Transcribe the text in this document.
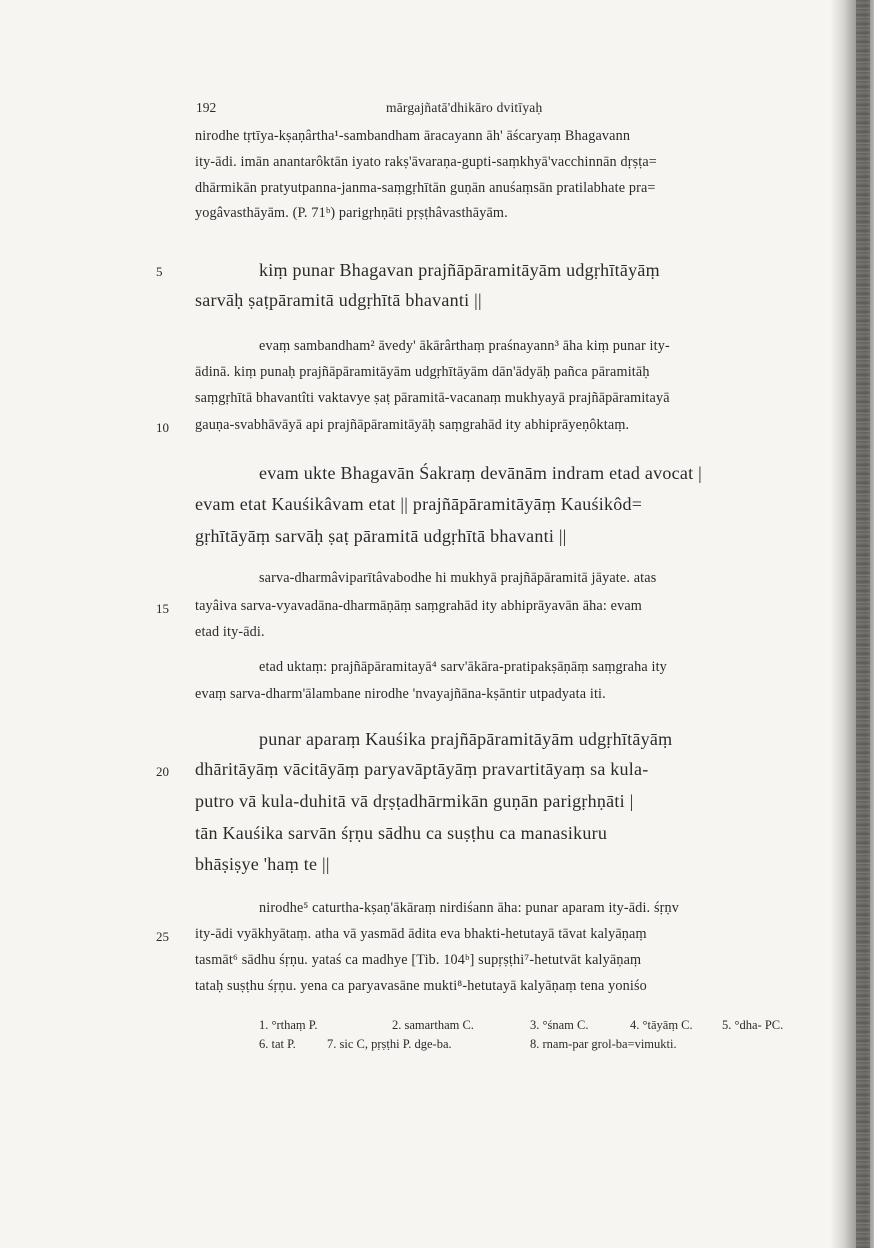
192	mārgajñatā'dhikāro dvitīyaḥ
nirodhe tṛtīya-kṣaṇârtha¹-sambandham āracayann āh' āścaryaṃ Bhagavann
ity-ādi. imān anantarôktān iyato rakṣ'āvaraṇa-gupti-saṃkhyā'vacchinnān dṛṣṭa=
dhārmikān pratyutpanna-janma-saṃgṛhītān guṇān anuśaṃsān pratilabhate pra=
yogâvasthāyām. (P. 71ᵇ) parigṛhṇāti pṛṣṭhâvasthāyām.
5	kiṃ punar Bhagavan prajñāpāramitāyām udgṛhītāyāṃ
sarvāḥ ṣaṭpāramitā udgṛhītā bhavanti ||
evaṃ sambandham² āvedy' ākārârthaṃ praśnayann³ āha kiṃ punar ity-
ādinā. kiṃ punaḥ prajñāpāramitāyām udgṛhītāyām dān'ādyāḥ pañca pāramitāḥ
saṃgṛhītā bhavantîti vaktavye ṣaṭ pāramitā-vacanaṃ mukhyayā prajñāpāramitayā
10 gauṇa-svabhāvāyā api prajñāpāramitāyāḥ saṃgrahād ity abhiprāyeṇôktaṃ.
evam ukte Bhagavān Śakraṃ devānām indram etad avocat |
evam etat Kauśikâvam etat || prajñāpāramitāyāṃ Kauśikôd=
gṛhītāyāṃ sarvāḥ ṣaṭ pāramitā udgṛhītā bhavanti ||
sarva-dharmâviparītâvabodhe hi mukhyā prajñāpāramitā jāyate. atas
15 tayâiva sarva-vyavadāna-dharmāṇāṃ saṃgrahād ity abhiprāyavān āha: evam
etad ity-ādi.
etad uktaṃ: prajñāpāramitayā⁴ sarv'ākāra-pratipakṣāṇāṃ saṃgraha ity
evaṃ sarva-dharm'ālambane nirodhe 'nvayajñāna-kṣāntir utpadyata iti.
punar aparaṃ Kauśika prajñāpāramitāyām udgṛhītāyāṃ
20 dhāritāyāṃ vācitāyāṃ paryavāptāyāṃ pravartitāyaṃ sa kula-
putro vā kula-duhitā vā dṛṣṭadhārmikān guṇān parigṛhṇāti |
tān Kauśika sarvān śṛṇu sādhu ca suṣṭhu ca manasikuru
bhāṣiṣye 'haṃ te ||
nirodhe⁵ caturtha-kṣaṇ'ākāraṃ nirdiśann āha: punar aparam ity-ādi. śṛṇv
25 ity-ādi vyākhyātaṃ. atha vā yasmād ādita eva bhakti-hetutayā tāvat kalyāṇaṃ
tasmāt⁶ sādhu śṛṇu. yataś ca madhye [Tib. 104ᵇ] supṛṣṭhi⁷-hetutvāt kalyāṇaṃ
tataḥ suṣṭhu śṛṇu. yena ca paryavasāne mukti⁸-hetutayā kalyāṇaṃ tena yoniśo
1. °rthaṃ P.	2. samartham C.	3. °śnam C.	4. °tāyāṃ C. 5. °dha- PC.
6. tat P. 7. sic C, pṛṣṭhi P. dge-ba.	8. rnam-par grol-ba=vimukti.
